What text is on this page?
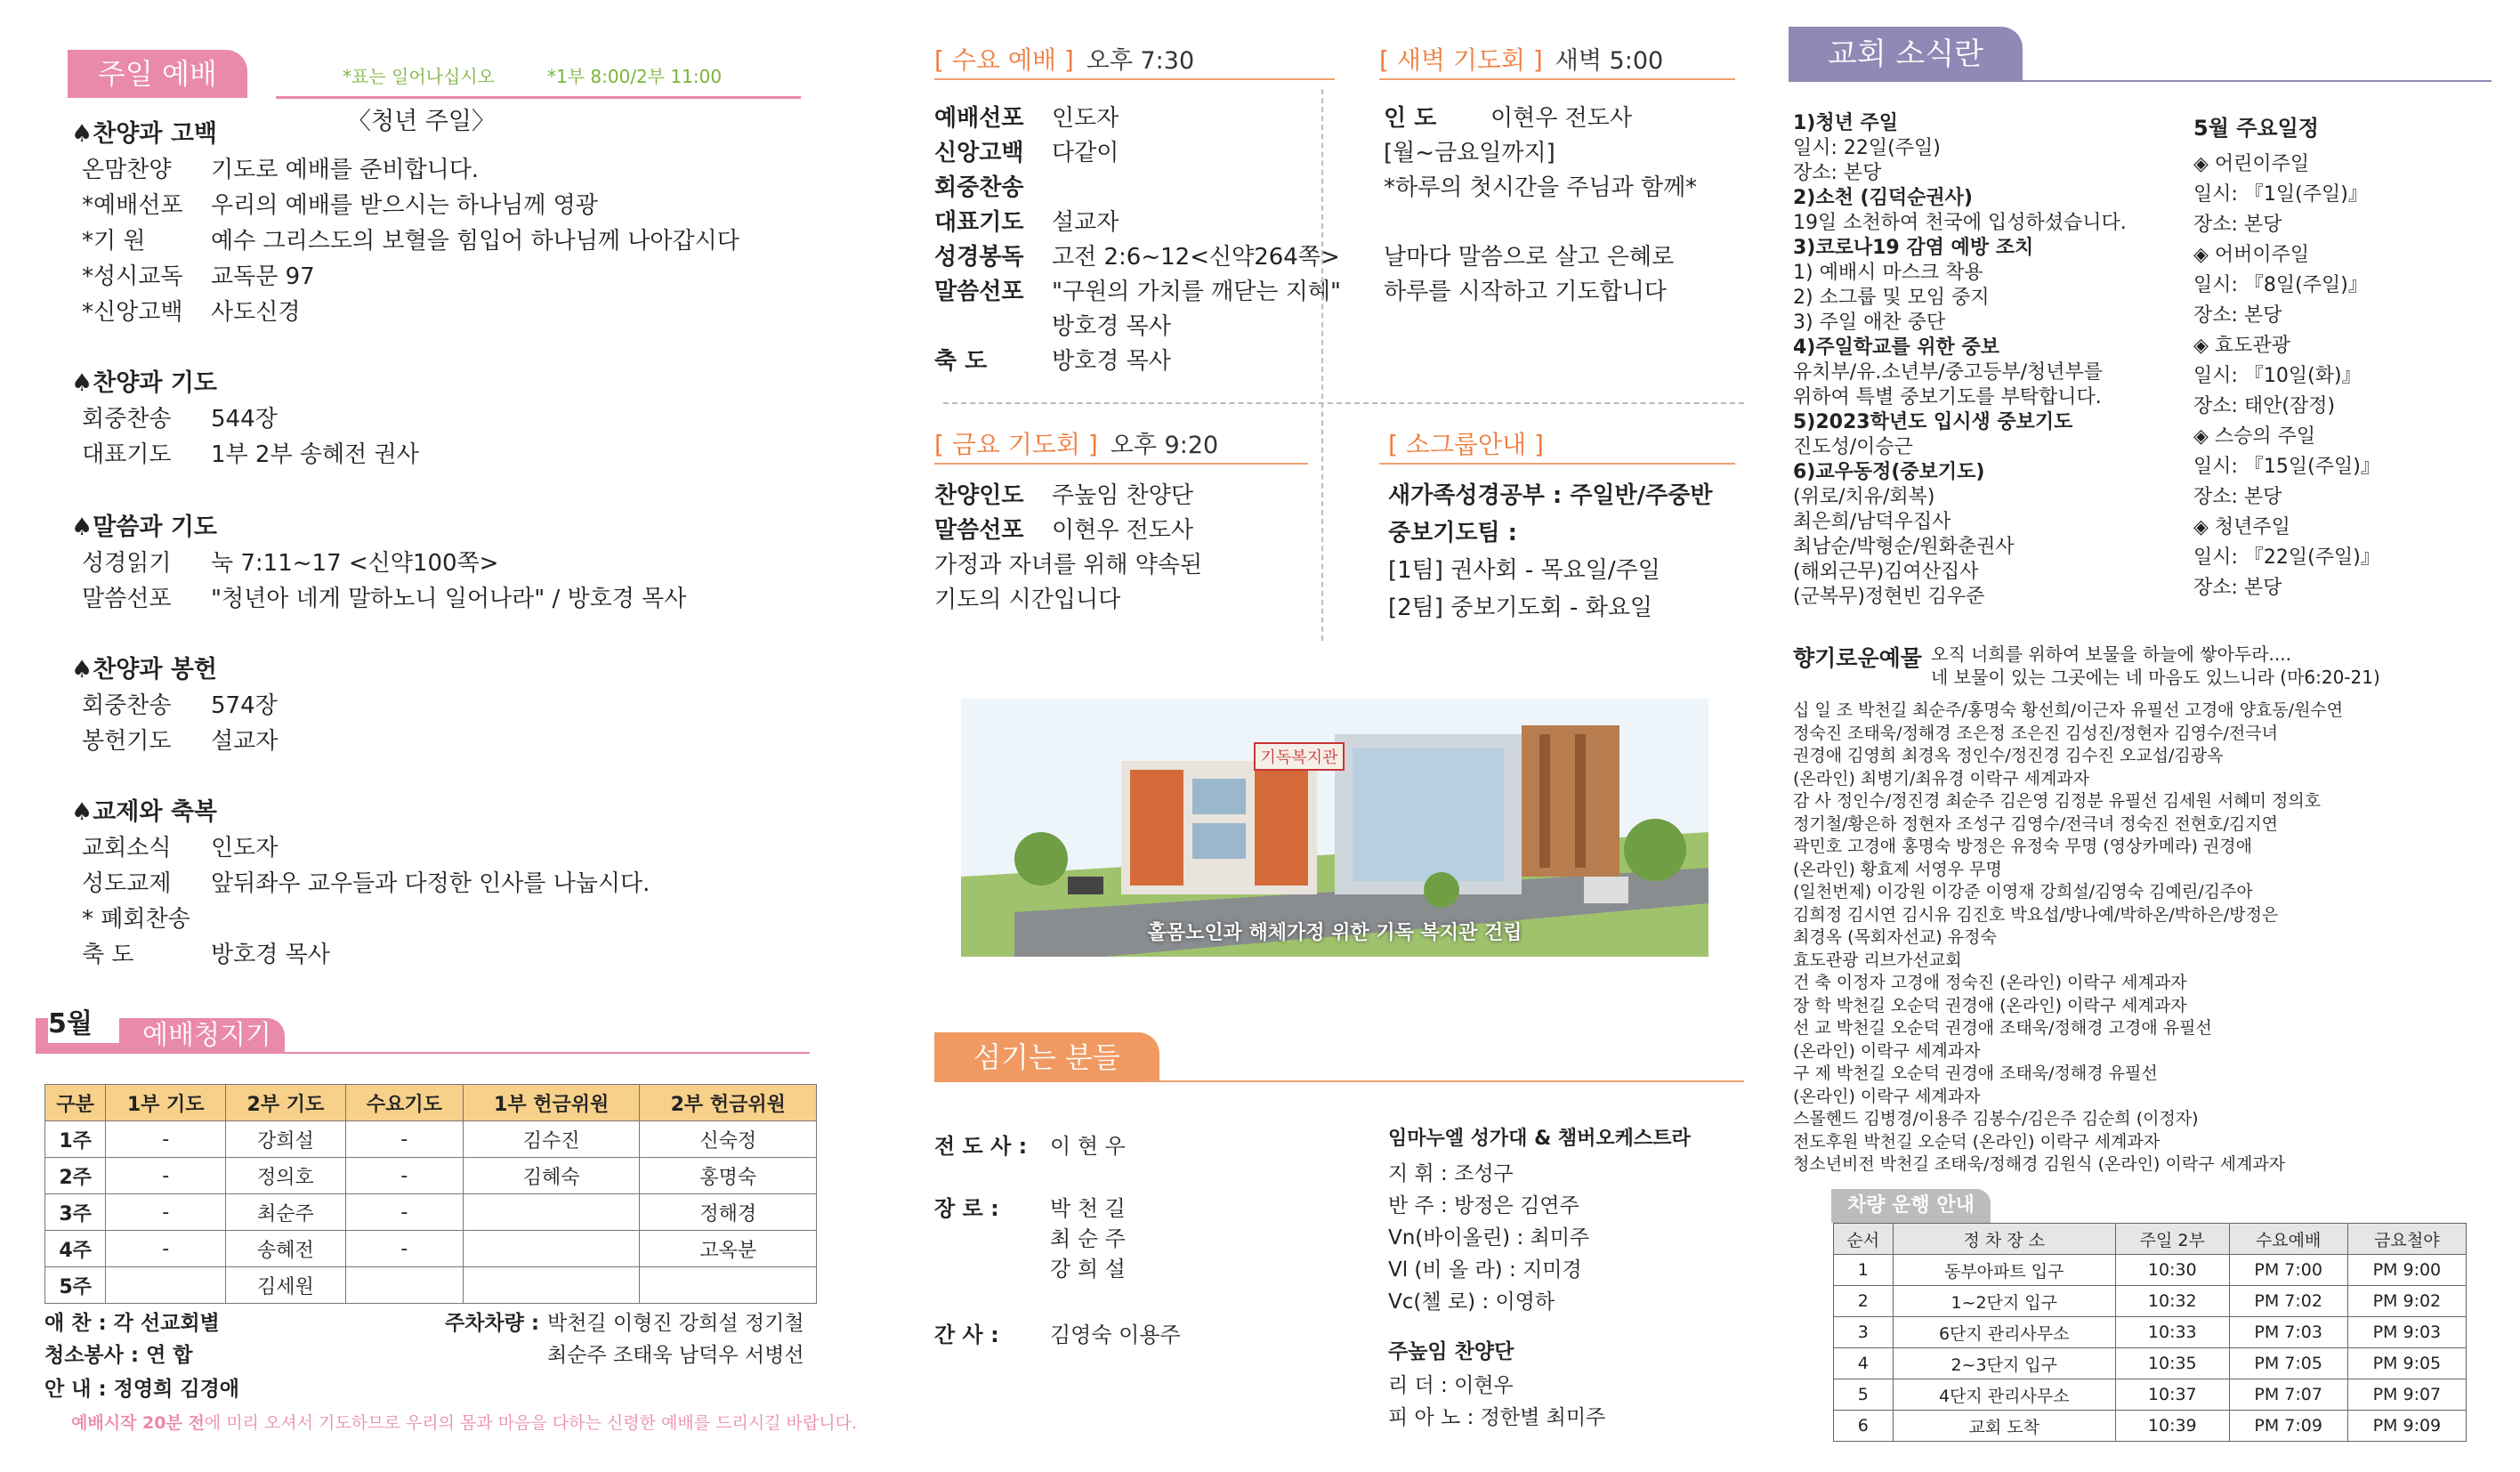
주일 예배	*표는 일어나십시오	*1부 8:00/2부 11:00
〈청년 주일〉
♠찬양과 고백
온맘찬양 기도로 예배를 준비합니다.
*예배선포 우리의 예배를 받으시는 하나님께 영광
*기 원	예수 그리스도의 보혈을 힘입어 하나님께 나아갑시다
*성시교독 교독문 97
*신앙고백 사도신경
♠찬양과 기도
회중찬송 544장
대표기도 1부 2부 송혜전 권사
♠말씀과 기도
성경읽기 눅 7:11~17 <신약100쪽>
말씀선포 "청년아 네게 말하노니 일어나라" / 방호경 목사
♠찬양과 봉헌
회중찬송 574장
봉헌기도 설교자
♠교제와 축복
교회소식 인도자
성도교제 앞뒤좌우 교우들과 다정한 인사를 나눕시다.
* 폐회찬송
축 도	방호경 목사
5월	예배청지기
구분	1부 기도	2부 기도	수요기도	1부 헌금위원	2부 헌금위원
1주	-	강희설	-	김수진	신숙정
2주	-	정의호	-	김혜숙	홍명숙
3주	-	최순주	-		정해경
4주	-	송혜전	-		고옥분
5주		김세원			
애 찬 : 각 선교회별	주차차량 : 박천길 이형진 강희설 정기철
최순주 조태욱 남덕우 서병선
청소봉사 : 연 합
안 내 : 정영희 김경애
예배시작 20분 전에 미리 오셔서 기도하므로 우리의 몸과 마음을 다하는 신령한 예배를 드리시길 바랍니다.
[ 수요 예배 ] 오후 7:30
예배선포 인도자
신앙고백 다같이
회중찬송
대표기도 설교자
성경봉독 고전 2:6~12<신약264쪽>
말씀선포 "구원의 가치를 깨닫는 지혜"
방호경 목사
축 도	방호경 목사
[ 새벽 기도회 ] 새벽 5:00
인 도 이현우 전도사
[월~금요일까지]
*하루의 첫시간을 주님과 함께*
날마다 말씀으로 살고 은혜로
하루를 시작하고 기도합니다
[ 금요 기도회 ] 오후 9:20
찬양인도 주높임 찬양단
말씀선포 이현우 전도사
가정과 자녀를 위해 약속된
기도의 시간입니다
[ 소그룹안내 ]
새가족성경공부 : 주일반/주중반
중보기도팀 :
[1팀] 권사회 - 목요일/주일
[2팀] 중보기도회 - 화요일
기독복지관
홀몸노인과 해체가정 위한 기독 복지관 건립
섬기는 분들
전 도 사 : 이 현 우
장 로 : 박 천 길
최 순 주
강 희 설
간 사 : 김영숙 이용주
임마누엘 성가대 & 챔버오케스트라
지 휘 : 조성구
반 주 : 방정은 김연주
Vn(바이올린) : 최미주
Vl (비 올 라) : 지미경
Vc(첼 로) : 이영하
주높임 찬양단
리 더 : 이현우
피 아 노 : 정한별 최미주
교회 소식란
1)청년 주일
일시: 22일(주일)
장소: 본당
2)소천 (김덕순권사)
19일 소천하여 천국에 입성하셨습니다.
3)코로나19 감염 예방 조치
1) 예배시 마스크 착용
2) 소그룹 및 모임 중지
3) 주일 애찬 중단
4)주일학교를 위한 중보
유치부/유.소년부/중고등부/청년부를
위하여 특별 중보기도를 부탁합니다.
5)2023학년도 입시생 중보기도
진도성/이승근
6)교우동정(중보기도)
(위로/치유/회복)
최은희/남덕우집사
최남순/박형순/원화춘권사
(해외근무)김여산집사
(군복무)정현빈 김우준
5월 주요일정
◈ 어린이주일
일시: 『1일(주일)』
장소: 본당
◈ 어버이주일
일시: 『8일(주일)』
장소: 본당
◈ 효도관광
일시: 『10일(화)』
장소: 태안(잠정)
◈ 스승의 주일
일시: 『15일(주일)』
장소: 본당
◈ 청년주일
일시: 『22일(주일)』
장소: 본당
향기로운예물 오직 너희를 위하여 보물을 하늘에 쌓아두라....
네 보물이 있는 그곳에는 네 마음도 있느니라 (마6:20-21)
십 일 조 박천길 최순주/홍명숙 황선희/이근자 유필선 고경애 양효동/원수연
정숙진 조태욱/정해경 조은정 조은진 김성진/정현자 김영수/전극녀
권경애 김영희 최경옥 정인수/정진경 김수진 오교섭/김광옥
(온라인) 최병기/최유경 이락구 세계과자
감 사 정인수/정진경 최순주 김은영 김정분 유필선 김세원 서혜미 정의호
정기철/황은하 정현자 조성구 김영수/전극녀 정숙진 전현호/김지연
곽민호 고경애 홍명숙 방정은 유정숙 무명 (영상카메라) 권경애
(온라인) 황효제 서영우 무명
(일천번제) 이강원 이강준 이영재 강희설/김영숙 김예린/김주아
김희정 김시연 김시유 김진호 박요섭/방나예/박하온/박하은/방정은
최경옥 (목회자선교) 유정숙
효도관광 리브가선교회
건 축 이정자 고경애 정숙진 (온라인) 이락구 세계과자
장 학 박천길 오순덕 권경애 (온라인) 이락구 세계과자
선 교 박천길 오순덕 권경애 조태욱/정해경 고경애 유필선
(온라인) 이락구 세계과자
구 제 박천길 오순덕 권경애 조태욱/정해경 유필선
(온라인) 이락구 세계과자
스몰헨드 김병경/이용주 김봉수/김은주 김순희 (이정자)
전도후원 박천길 오순덕 (온라인) 이락구 세계과자
청소년비전 박천길 조태욱/정해경 김원식 (온라인) 이락구 세계과자
차량 운행 안내
순서	정 차 장 소	주일 2부	수요예배	금요철야
1	동부아파트 입구	10:30	PM 7:00	PM 9:00
2	1~2단지 입구	10:32	PM 7:02	PM 9:02
3	6단지 관리사무소	10:33	PM 7:03	PM 9:03
4	2~3단지 입구	10:35	PM 7:05	PM 9:05
5	4단지 관리사무소	10:37	PM 7:07	PM 9:07
6	교회 도착	10:39	PM 7:09	PM 9:09
